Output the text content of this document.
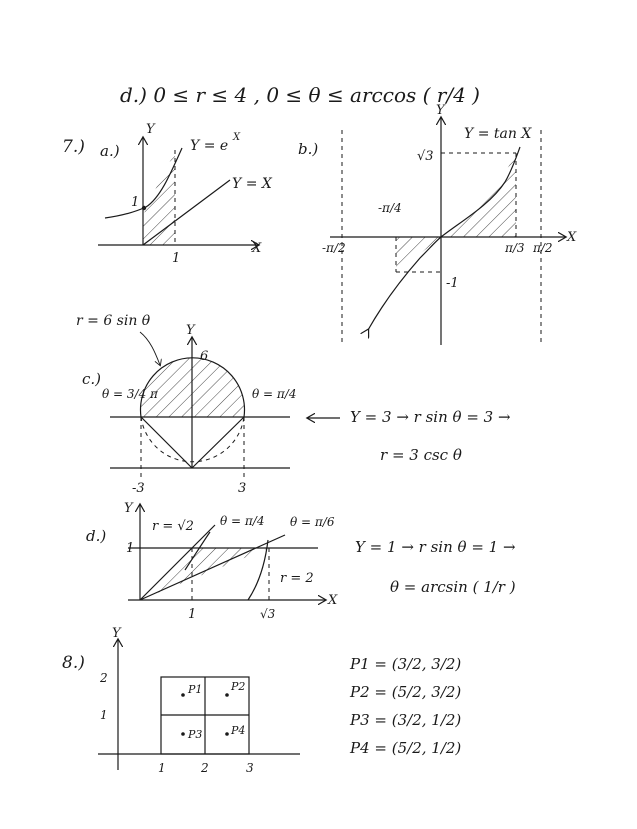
d.) 0 ≤ r ≤ 4 , 0 ≤ θ ≤ arccos ( r/4 )
7.) a.)
Y
X
Y = e
X
Y = X
1
1
b.)
Y
X
Y = tan X
√3
-1
-π/4
-π/2	π/3 π/2
c.)
r = 6 sin θ
Y
6
θ = 3/4 π	θ = π/4
-3	3
Y = 3 → r sin θ = 3 →
r = 3 csc θ
d.)
Y
X
r = √2 θ = π/4 θ = π/6
r = 2
1
1	√3
Y = 1 → r sin θ = 1 →
θ = arcsin ( 1/r )
8.)
Y
2
1
1	2	3
P1	P2
P3	P4
P1 = (3/2, 3/2)
P2 = (5/2, 3/2)
P3 = (3/2, 1/2)
P4 = (5/2, 1/2)
